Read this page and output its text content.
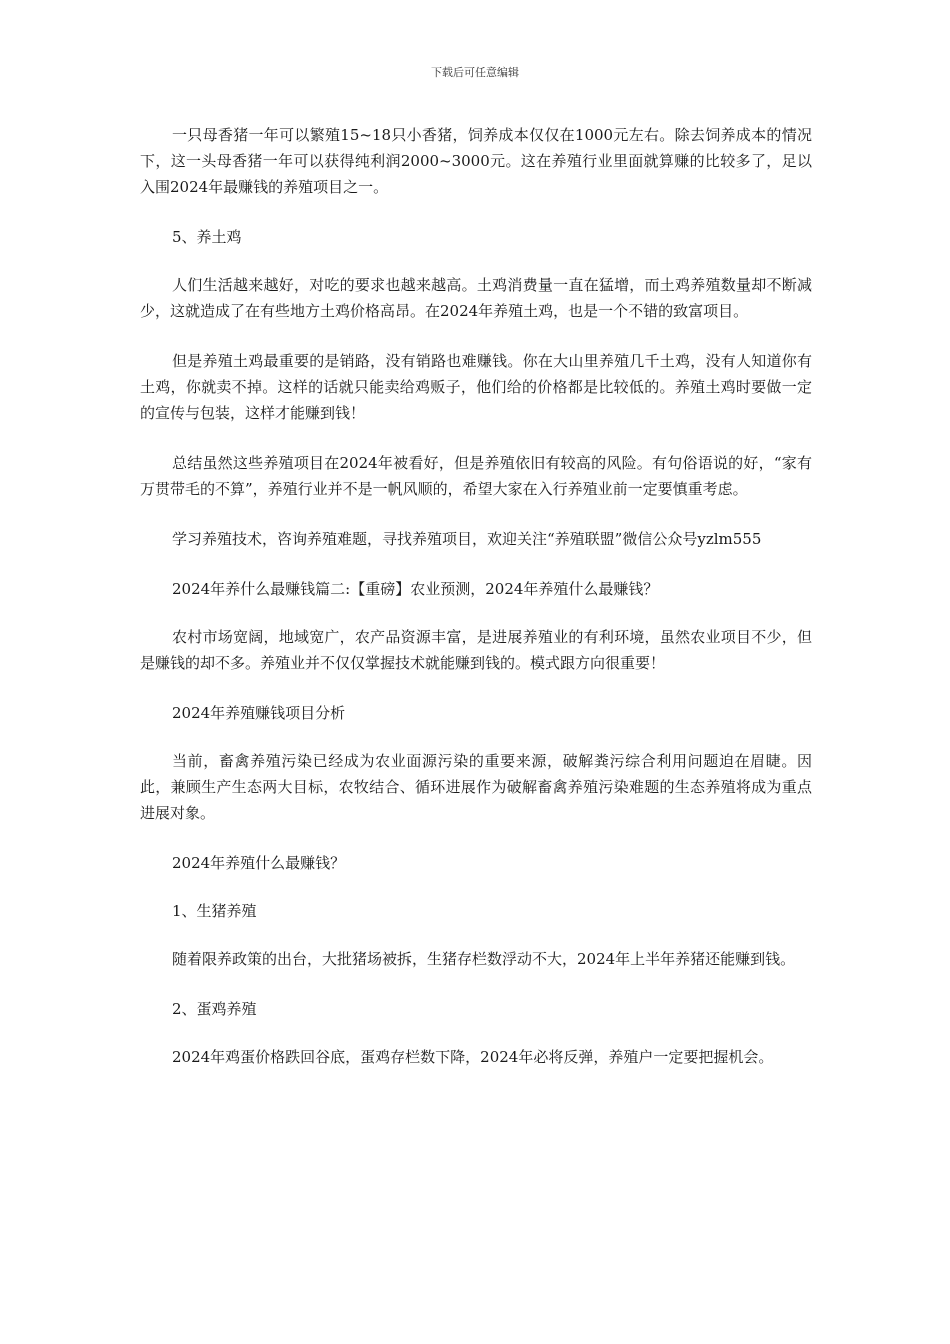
下载后可任意编辑

一只母香猪一年可以繁殖15~18只小香猪，饲养成本仅仅在1000元左右。除去饲养成本的情况下，这一头母香猪一年可以获得纯利润2000~3000元。这在养殖行业里面就算赚的比较多了，足以入围2024年最赚钱的养殖项目之一。

5、养土鸡

人们生活越来越好，对吃的要求也越来越高。土鸡消费量一直在猛增，而土鸡养殖数量却不断减少，这就造成了在有些地方土鸡价格高昂。在2024年养殖土鸡，也是一个不错的致富项目。

但是养殖土鸡最重要的是销路，没有销路也难赚钱。你在大山里养殖几千土鸡，没有人知道你有土鸡，你就卖不掉。这样的话就只能卖给鸡贩子，他们给的价格都是比较低的。养殖土鸡时要做一定的宣传与包装，这样才能赚到钱！

总结虽然这些养殖项目在2024年被看好，但是养殖依旧有较高的风险。有句俗语说的好，“家有万贯带毛的不算”，养殖行业并不是一帆风顺的，希望大家在入行养殖业前一定要慎重考虑。

学习养殖技术，咨询养殖难题，寻找养殖项目，欢迎关注“养殖联盟”微信公众号yzlm555

2024年养什么最赚钱篇二:【重磅】农业预测，2024年养殖什么最赚钱？

农村市场宽阔，地域宽广，农产品资源丰富，是进展养殖业的有利环境，虽然农业项目不少，但是赚钱的却不多。养殖业并不仅仅掌握技术就能赚到钱的。模式跟方向很重要！

2024年养殖赚钱项目分析

当前，畜禽养殖污染已经成为农业面源污染的重要来源，破解粪污综合利用问题迫在眉睫。因此，兼顾生产生态两大目标，农牧结合、循环进展作为破解畜禽养殖污染难题的生态养殖将成为重点进展对象。

2024年养殖什么最赚钱？

1、生猪养殖

随着限养政策的出台，大批猪场被拆，生猪存栏数浮动不大，2024年上半年养猪还能赚到钱。

2、蛋鸡养殖

2024年鸡蛋价格跌回谷底，蛋鸡存栏数下降，2024年必将反弹，养殖户一定要把握机会。
